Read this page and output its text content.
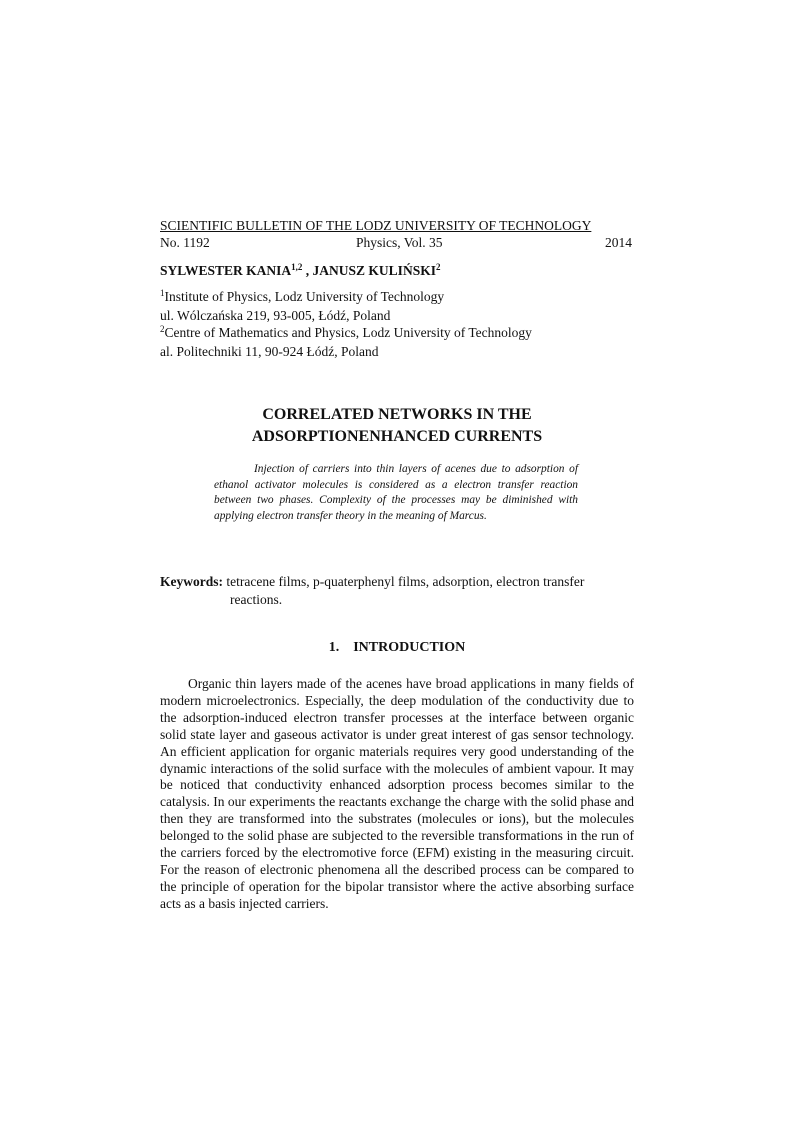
SCIENTIFIC BULLETIN OF THE LODZ UNIVERSITY OF TECHNOLOGY
No. 1192	Physics, Vol. 35	2014
SYLWESTER KANIA$^{1,2}$ , JANUSZ KULIŃSKI$^2$
$^1$Institute of Physics, Lodz University of Technology
ul. Wólczańska 219, 93-005, Łódź, Poland
$^2$Centre of Mathematics and Physics, Lodz University of Technology
al. Politechniki 11, 90-924 Łódź, Poland
CORRELATED NETWORKS IN THE
ADSORPTIONENHANCED CURRENTS

Injection of carriers into thin layers of acenes due to adsorption of ethanol activator molecules is considered as a electron transfer reaction between two phases. Complexity of the processes may be diminished with applying electron transfer theory in the meaning of Marcus.

Keywords: tetracene films, p-quaterphenyl films, adsorption, electron transfer reactions.
1. INTRODUCTION

Organic thin layers made of the acenes have broad applications in many fields of modern microelectronics. Especially, the deep modulation of the conductivity due to the adsorption-induced electron transfer processes at the interface between organic solid state layer and gaseous activator is under great interest of gas sensor technology. An efficient application for organic materials requires very good understanding of the dynamic interactions of the solid surface with the molecules of ambient vapour. It may be noticed that conductivity enhanced adsorption process becomes similar to the catalysis. In our experiments the reactants exchange the charge with the solid phase and then they are transformed into the substrates (molecules or ions), but the molecules belonged to the solid phase are subjected to the reversible transformations in the run of the carriers forced by the electromotive force (EFM) existing in the measuring circuit. For the reason of electronic phenomena all the described process can be compared to the principle of operation for the bipolar transistor where the active absorbing surface acts as a basis injected carriers.
